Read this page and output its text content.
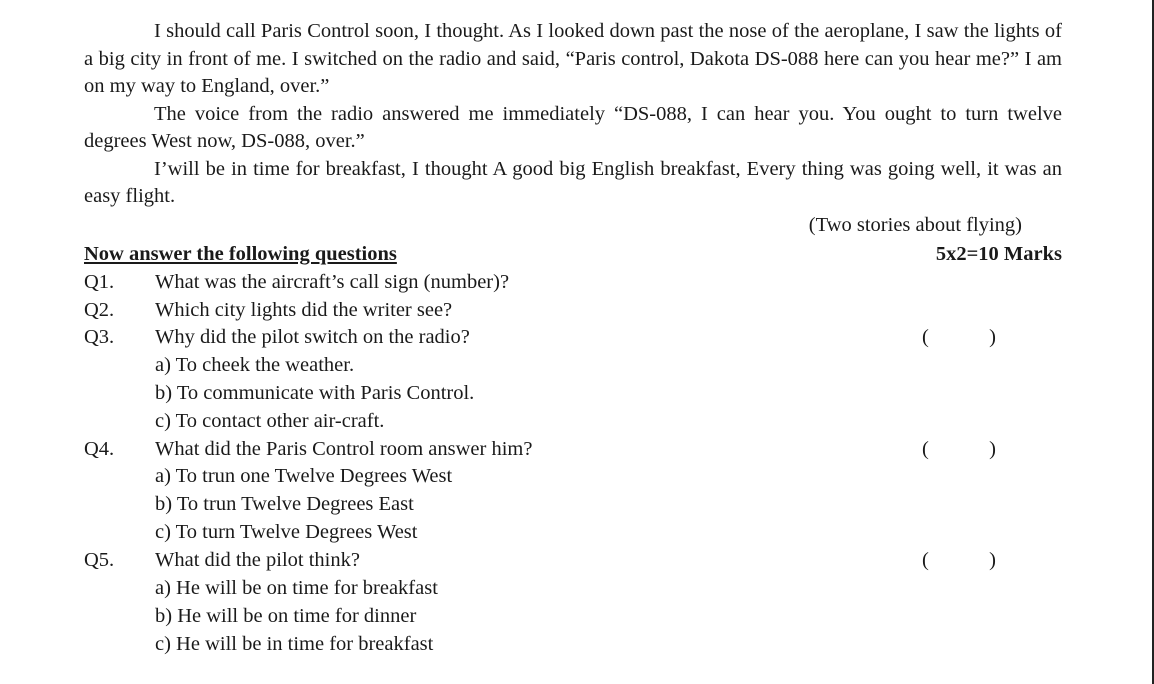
I should call Paris Control soon, I thought. As I looked down past the nose of the aeroplane, I saw the lights of a big city in front of me. I switched on the radio and said, “Paris control, Dakota DS-088 here can you hear me?” I am on my way to England, over.”

The voice from the radio answered me immediately “DS-088, I can hear you. You ought to turn twelve degrees West now, DS-088, over.”

I’will be in time for breakfast, I thought A good big English breakfast, Every thing was going well, it was an easy flight.

(Two stories about flying)
Now answer the following questions	5x2=10 Marks
Q1. What was the aircraft’s call sign (number)?
Q2. Which city lights did the writer see?
Q3. Why did the pilot switch on the radio?	(	)
a) To cheek the weather.
b) To communicate with Paris Control.
c) To contact other air-craft.
Q4. What did the Paris Control room answer him?	(	)
a) To trun one Twelve Degrees West
b) To trun Twelve Degrees East
c) To turn Twelve Degrees West
Q5. What did the pilot think?	(	)
a) He will be on time for breakfast
b) He will be on time for dinner
c) He will be in time for breakfast
